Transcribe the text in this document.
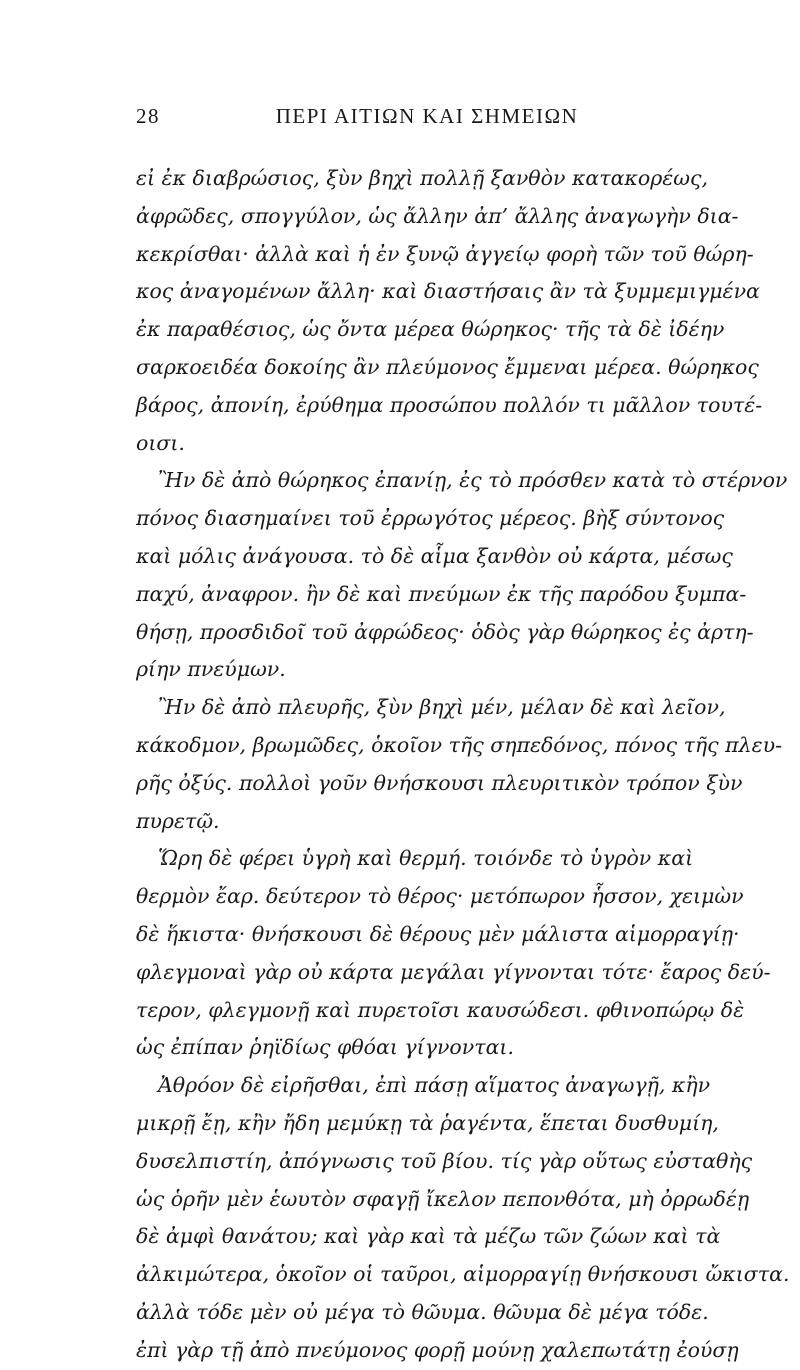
28	ΠΕΡΙ ΑΙΤΙΩΝ ΚΑΙ ΣΗΜΕΙΩΝ
εἰ ἐκ διαβρώσιος, ξὺν βηχὶ πολλῇ ξανθὸν κατακορέως,
ἀφρῶδες, σπογγύλον, ὡς ἄλλην ἀπ’ ἄλλης ἀναγωγὴν δια-
κεκρίσθαι· ἀλλὰ καὶ ἡ ἐν ξυνῷ ἀγγείῳ φορὴ τῶν τοῦ θώρη-
κος ἀναγομένων ἄλλη· καὶ διαστήσαις ἂν τὰ ξυμμεμιγμένα
ἐκ παραθέσιος, ὡς ὄντα μέρεα θώρηκος· τῆς τὰ δὲ ἰδέην
σαρκοειδέα δοκοίης ἂν πλεύμονος ἔμμεναι μέρεα. θώρηκος
βάρος, ἀπονίη, ἐρύθημα προσώπου πολλόν τι μᾶλλον τουτέ-
οισι.
Ἢν δὲ ἀπὸ θώρηκος ἐπανίῃ, ἐς τὸ πρόσθεν κατὰ τὸ στέρνον
πόνος διασημαίνει τοῦ ἐρρωγότος μέρεος. βὴξ σύντονος
καὶ μόλις ἀνάγουσα. τὸ δὲ αἷμα ξανθὸν οὐ κάρτα, μέσως
παχύ, ἀναφρον. ἢν δὲ καὶ πνεύμων ἐκ τῆς παρόδου ξυμπα-
θήσῃ, προσδιδοῖ τοῦ ἀφρώδεος· ὁδὸς γὰρ θώρηκος ἐς ἀρτη-
ρίην πνεύμων.
Ἢν δὲ ἀπὸ πλευρῆς, ξὺν βηχὶ μέν, μέλαν δὲ καὶ λεῖον,
κάκοδμον, βρωμῶδες, ὁκοῖον τῆς σηπεδόνος, πόνος τῆς πλευ-
ρῆς ὀξύς. πολλοὶ γοῦν θνήσκουσι πλευριτικὸν τρόπον ξὺν
πυρετῷ.
Ὥρη δὲ φέρει ὑγρὴ καὶ θερμή. τοιόνδε τὸ ὑγρὸν καὶ
θερμὸν ἔαρ. δεύτερον τὸ θέρος· μετόπωρον ἧσσον, χειμὼν
δὲ ἥκιστα· θνήσκουσι δὲ θέρους μὲν μάλιστα αἱμορραγίῃ·
φλεγμοναὶ γὰρ οὐ κάρτα μεγάλαι γίγνονται τότε· ἔαρος δεύ-
τερον, φλεγμονῇ καὶ πυρετοῖσι καυσώδεσι. φθινοπώρῳ δὲ
ὡς ἐπίπαν ῥηϊδίως φθόαι γίγνονται.
Ἀθρόον δὲ εἰρῆσθαι, ἐπὶ πάσῃ αἵματος ἀναγωγῇ, κἢν
μικρῇ ἔῃ, κἢν ἤδη μεμύκῃ τὰ ῥαγέντα, ἕπεται δυσθυμίη,
δυσελπιστίη, ἀπόγνωσις τοῦ βίου. τίς γὰρ οὕτως εὐσταθὴς
ὡς ὁρῆν μὲν ἑωυτὸν σφαγῇ ἴκελον πεπονθότα, μὴ ὀρρωδέῃ
δὲ ἀμφὶ θανάτου; καὶ γὰρ καὶ τὰ μέζω τῶν ζώων καὶ τὰ
ἀλκιμώτερα, ὁκοῖον οἱ ταῦροι, αἱμορραγίῃ θνήσκουσι ὤκιστα.
ἀλλὰ τόδε μὲν οὐ μέγα τὸ θῶυμα. θῶυμα δὲ μέγα τόδε.
ἐπὶ γὰρ τῇ ἀπὸ πνεύμονος φορῇ μούνῃ χαλεπωτάτῃ ἐούσῃ
